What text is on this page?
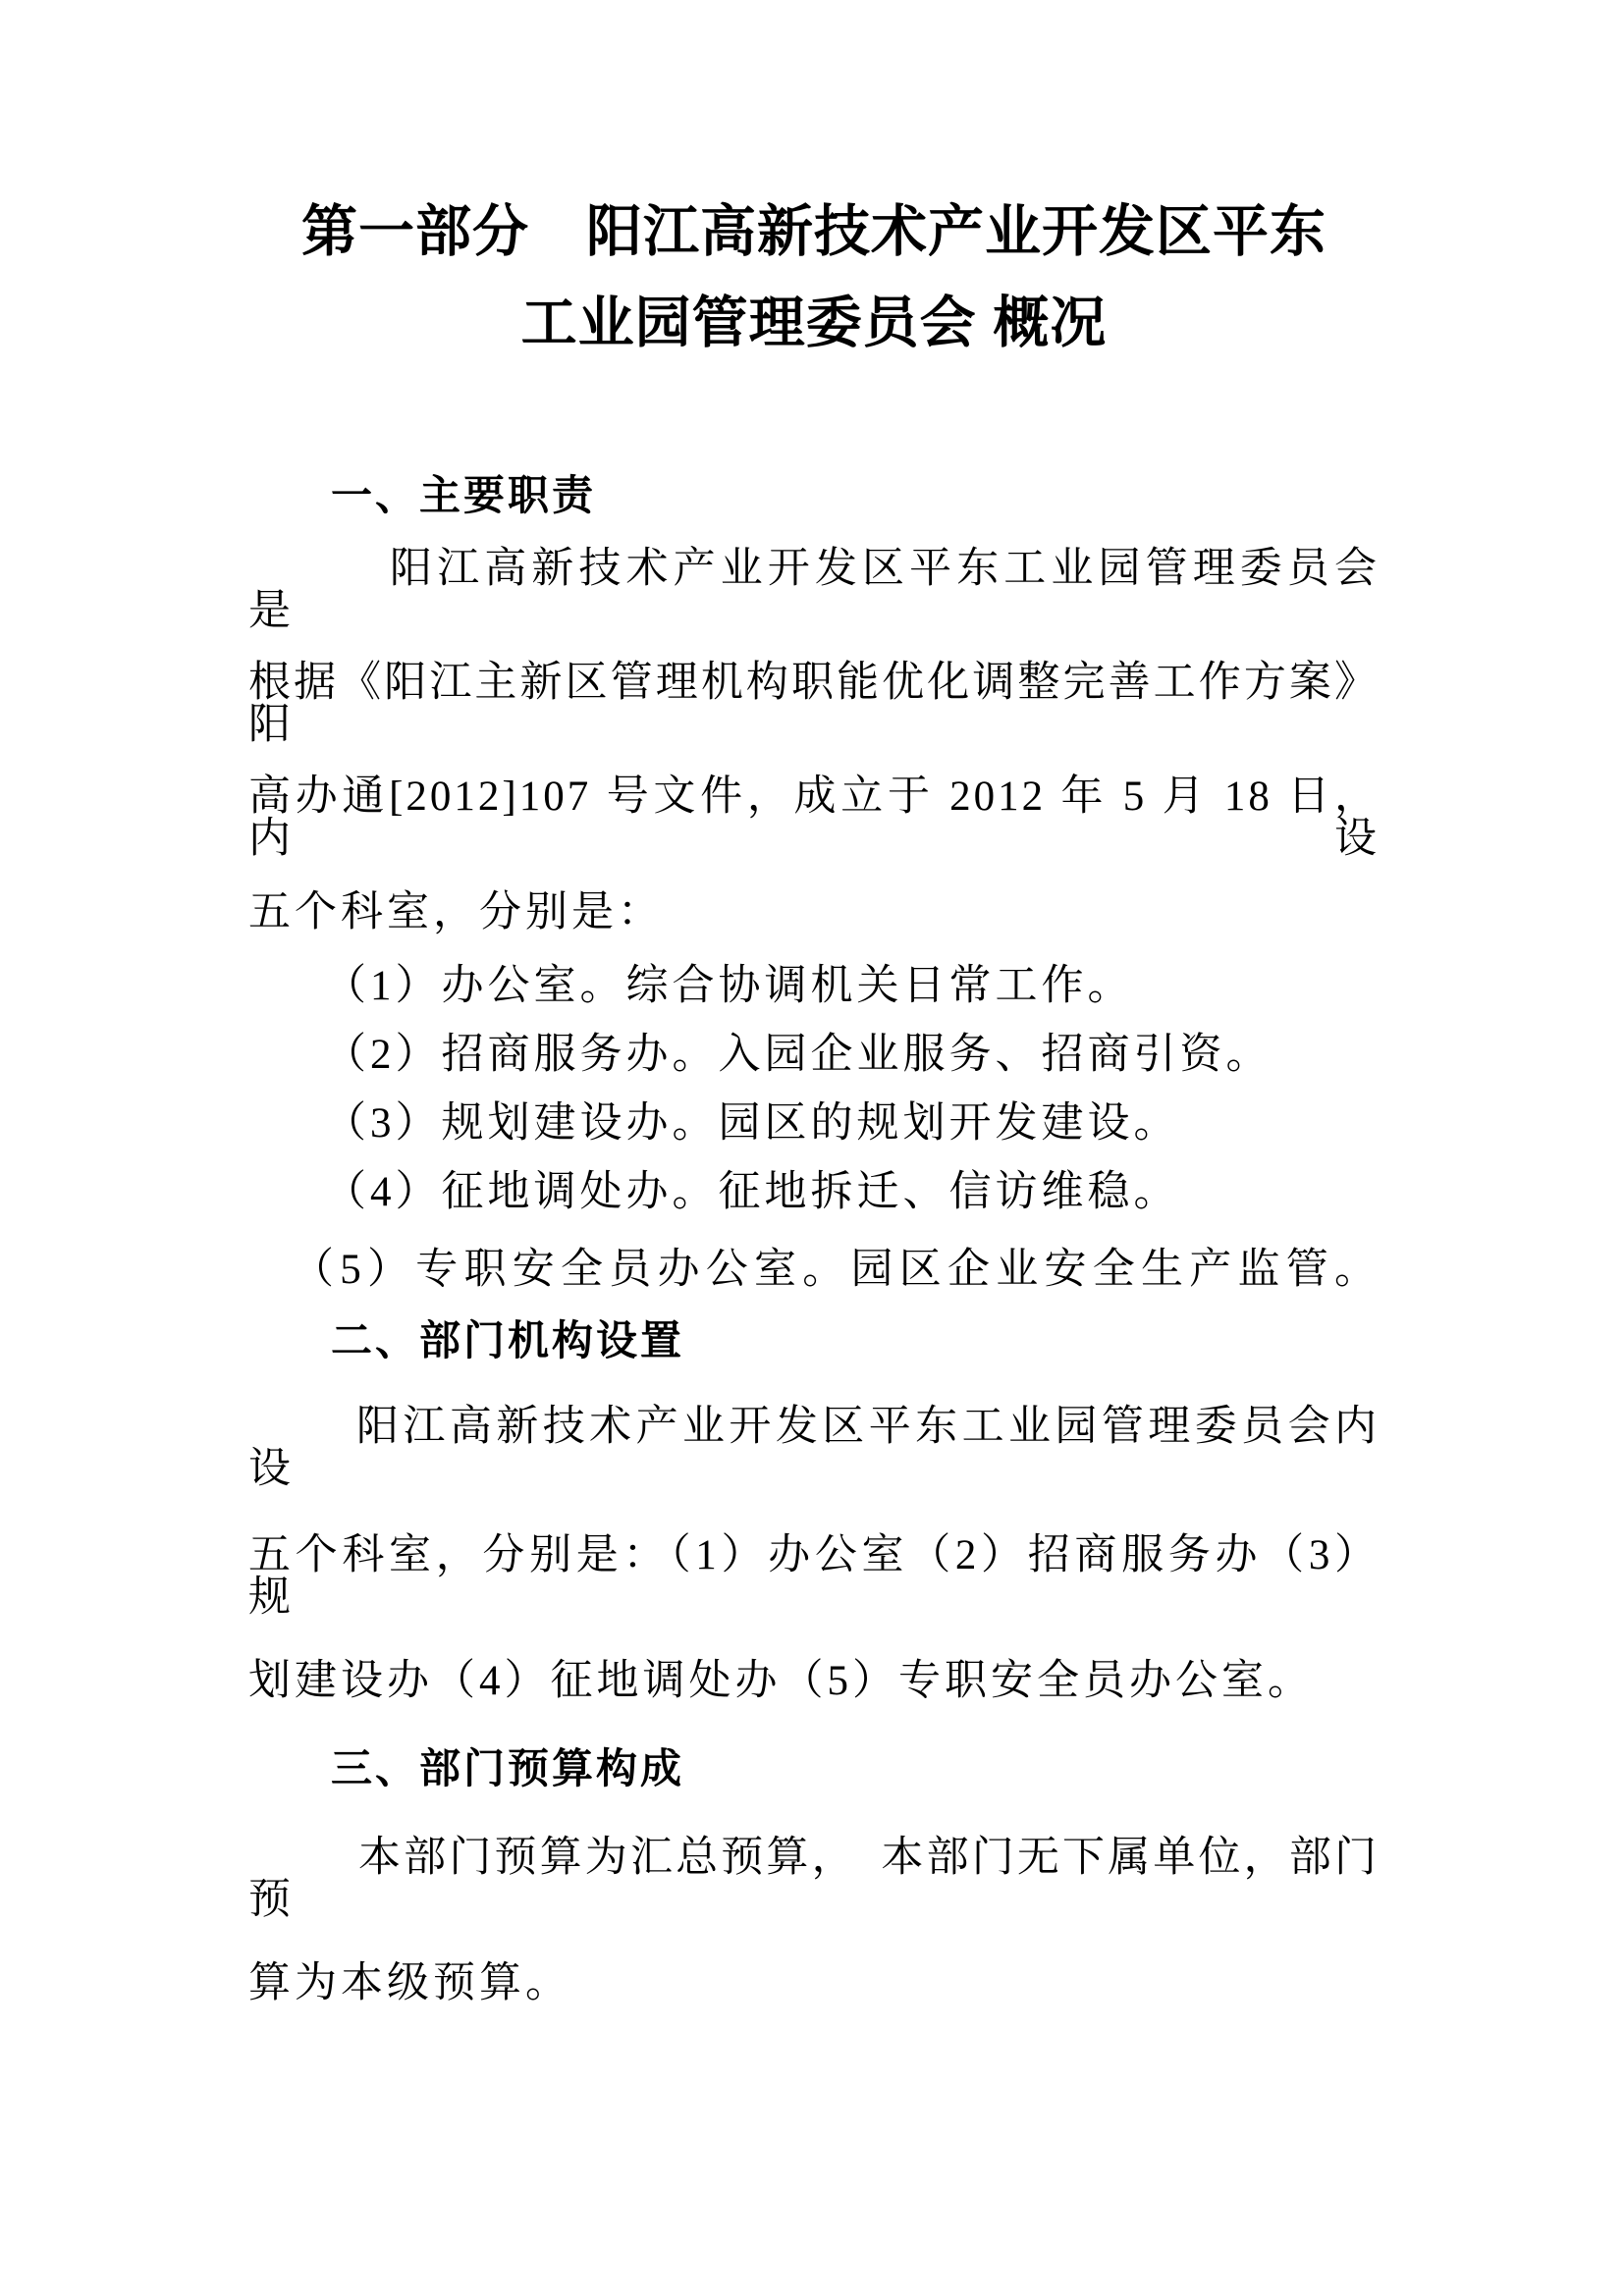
第一部分　阳江高新技术产业开发区平东
工业园管理委员会 概况
一、主要职责

阳江高新技术产业开发区平东工业园管理委员会是

根据《阳江主新区管理机构职能优化调整完善工作方案》阳

高办通[2012]107 号文件，成立于 2012 年 5 月 18 日，内设

五个科室，分别是：

（1）办公室。综合协调机关日常工作。

（2）招商服务办。入园企业服务、招商引资。

（3）规划建设办。园区的规划开发建设。

（4）征地调处办。征地拆迁、信访维稳。

（5）专职安全员办公室。园区企业安全生产监管。

二、部门机构设置

阳江高新技术产业开发区平东工业园管理委员会内设

五个科室，分别是：（1）办公室（2）招商服务办（3）规

划建设办（4）征地调处办（5）专职安全员办公室。

三、部门预算构成

本部门预算为汇总预算，　本部门无下属单位，部门预

算为本级预算。
